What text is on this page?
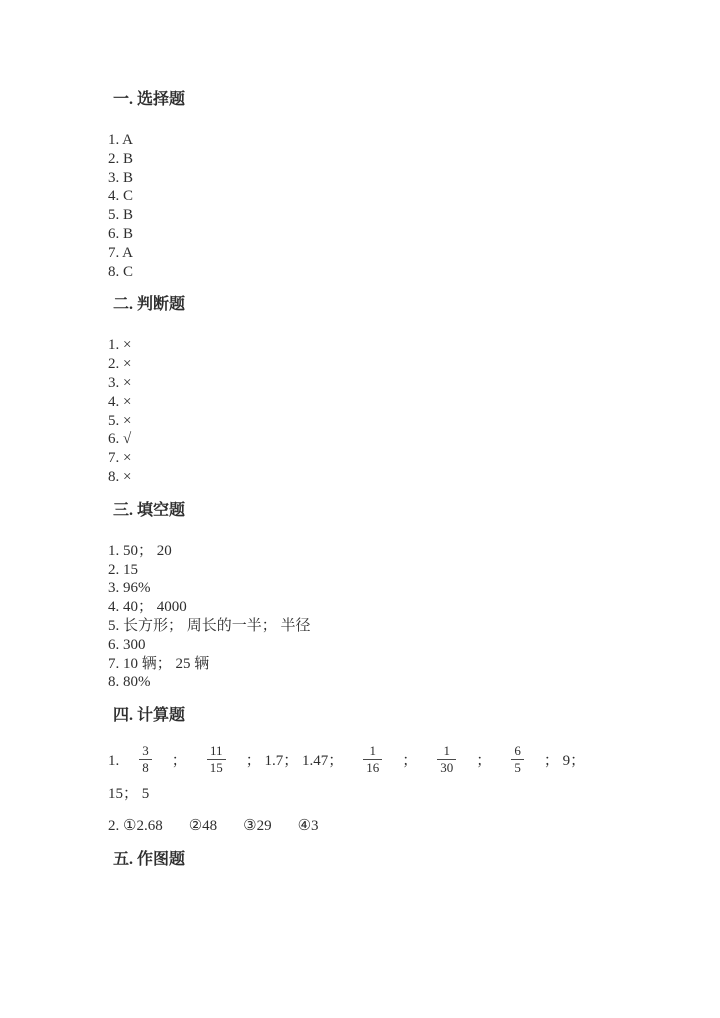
一. 选择题
1. A
2. B
3. B
4. C
5. B
6. B
7. A
8. C
二. 判断题
1. ×
2. ×
3. ×
4. ×
5. ×
6. √
7. ×
8. ×
三. 填空题
1. 50； 20
2. 15
3. 96%
4. 40； 4000
5. 长方形； 周长的一半； 半径
6. 300
7. 10 辆； 25 辆
8. 80%
四. 计算题
1. $\frac{3}{8}$ ； $\frac{11}{15}$ ； 1.7； 1.47； $\frac{1}{16}$ ； $\frac{1}{30}$ ； $\frac{6}{5}$ ； 9；
15； 5
2. ①2.68 ②48 ③29 ④3
五. 作图题
